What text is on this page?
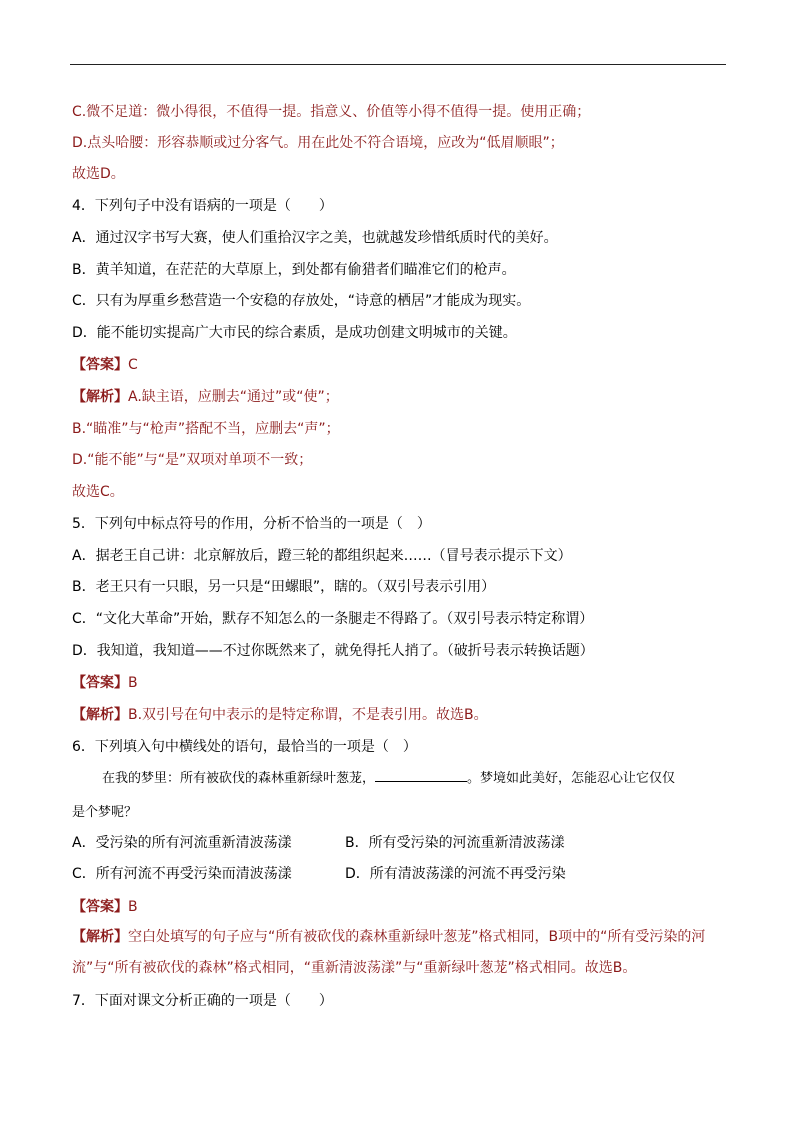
C.微不足道：微小得很，不值得一提。指意义、价值等小得不值得一提。使用正确；
D.点头哈腰：形容恭顺或过分客气。用在此处不符合语境，应改为“低眉顺眼”；
故选D。
4．下列句子中没有语病的一项是（　　）
A．通过汉字书写大赛，使人们重拾汉字之美，也就越发珍惜纸质时代的美好。
B．黄羊知道，在茫茫的大草原上，到处都有偷猎者们瞄准它们的枪声。
C．只有为厚重乡愁营造一个安稳的存放处，“诗意的栖居”才能成为现实。
D．能不能切实提高广大市民的综合素质，是成功创建文明城市的关键。
【答案】C
【解析】A.缺主语，应删去“通过”或“使”；
B.“瞄准”与“枪声”搭配不当，应删去“声”；
D.“能不能”与“是”双项对单项不一致；
故选C。
5．下列句中标点符号的作用，分析不恰当的一项是（　）
A．据老王自己讲：北京解放后，蹬三轮的都组织起来……（冒号表示提示下文）
B．老王只有一只眼，另一只是“田螺眼”，瞎的。（双引号表示引用）
C．“文化大革命”开始，默存不知怎么的一条腿走不得路了。（双引号表示特定称谓）
D．我知道，我知道——不过你既然来了，就免得托人捎了。（破折号表示转换话题）
【答案】B
【解析】B.双引号在句中表示的是特定称谓，不是表引用。故选B。
6．下列填入句中横线处的语句，最恰当的一项是（　）
在我的梦里：所有被砍伐的森林重新绿叶葱茏，	。梦境如此美好，怎能忍心让它仅仅
是个梦呢？
A．受污染的所有河流重新清波荡漾	B．所有受污染的河流重新清波荡漾
C．所有河流不再受污染而清波荡漾	D．所有清波荡漾的河流不再受污染
【答案】B
【解析】空白处填写的句子应与“所有被砍伐的森林重新绿叶葱茏”格式相同，B项中的“所有受污染的河流”与“所有被砍伐的森林”格式相同，“重新清波荡漾”与“重新绿叶葱茏”格式相同。故选B。
7．下面对课文分析正确的一项是（　　）
